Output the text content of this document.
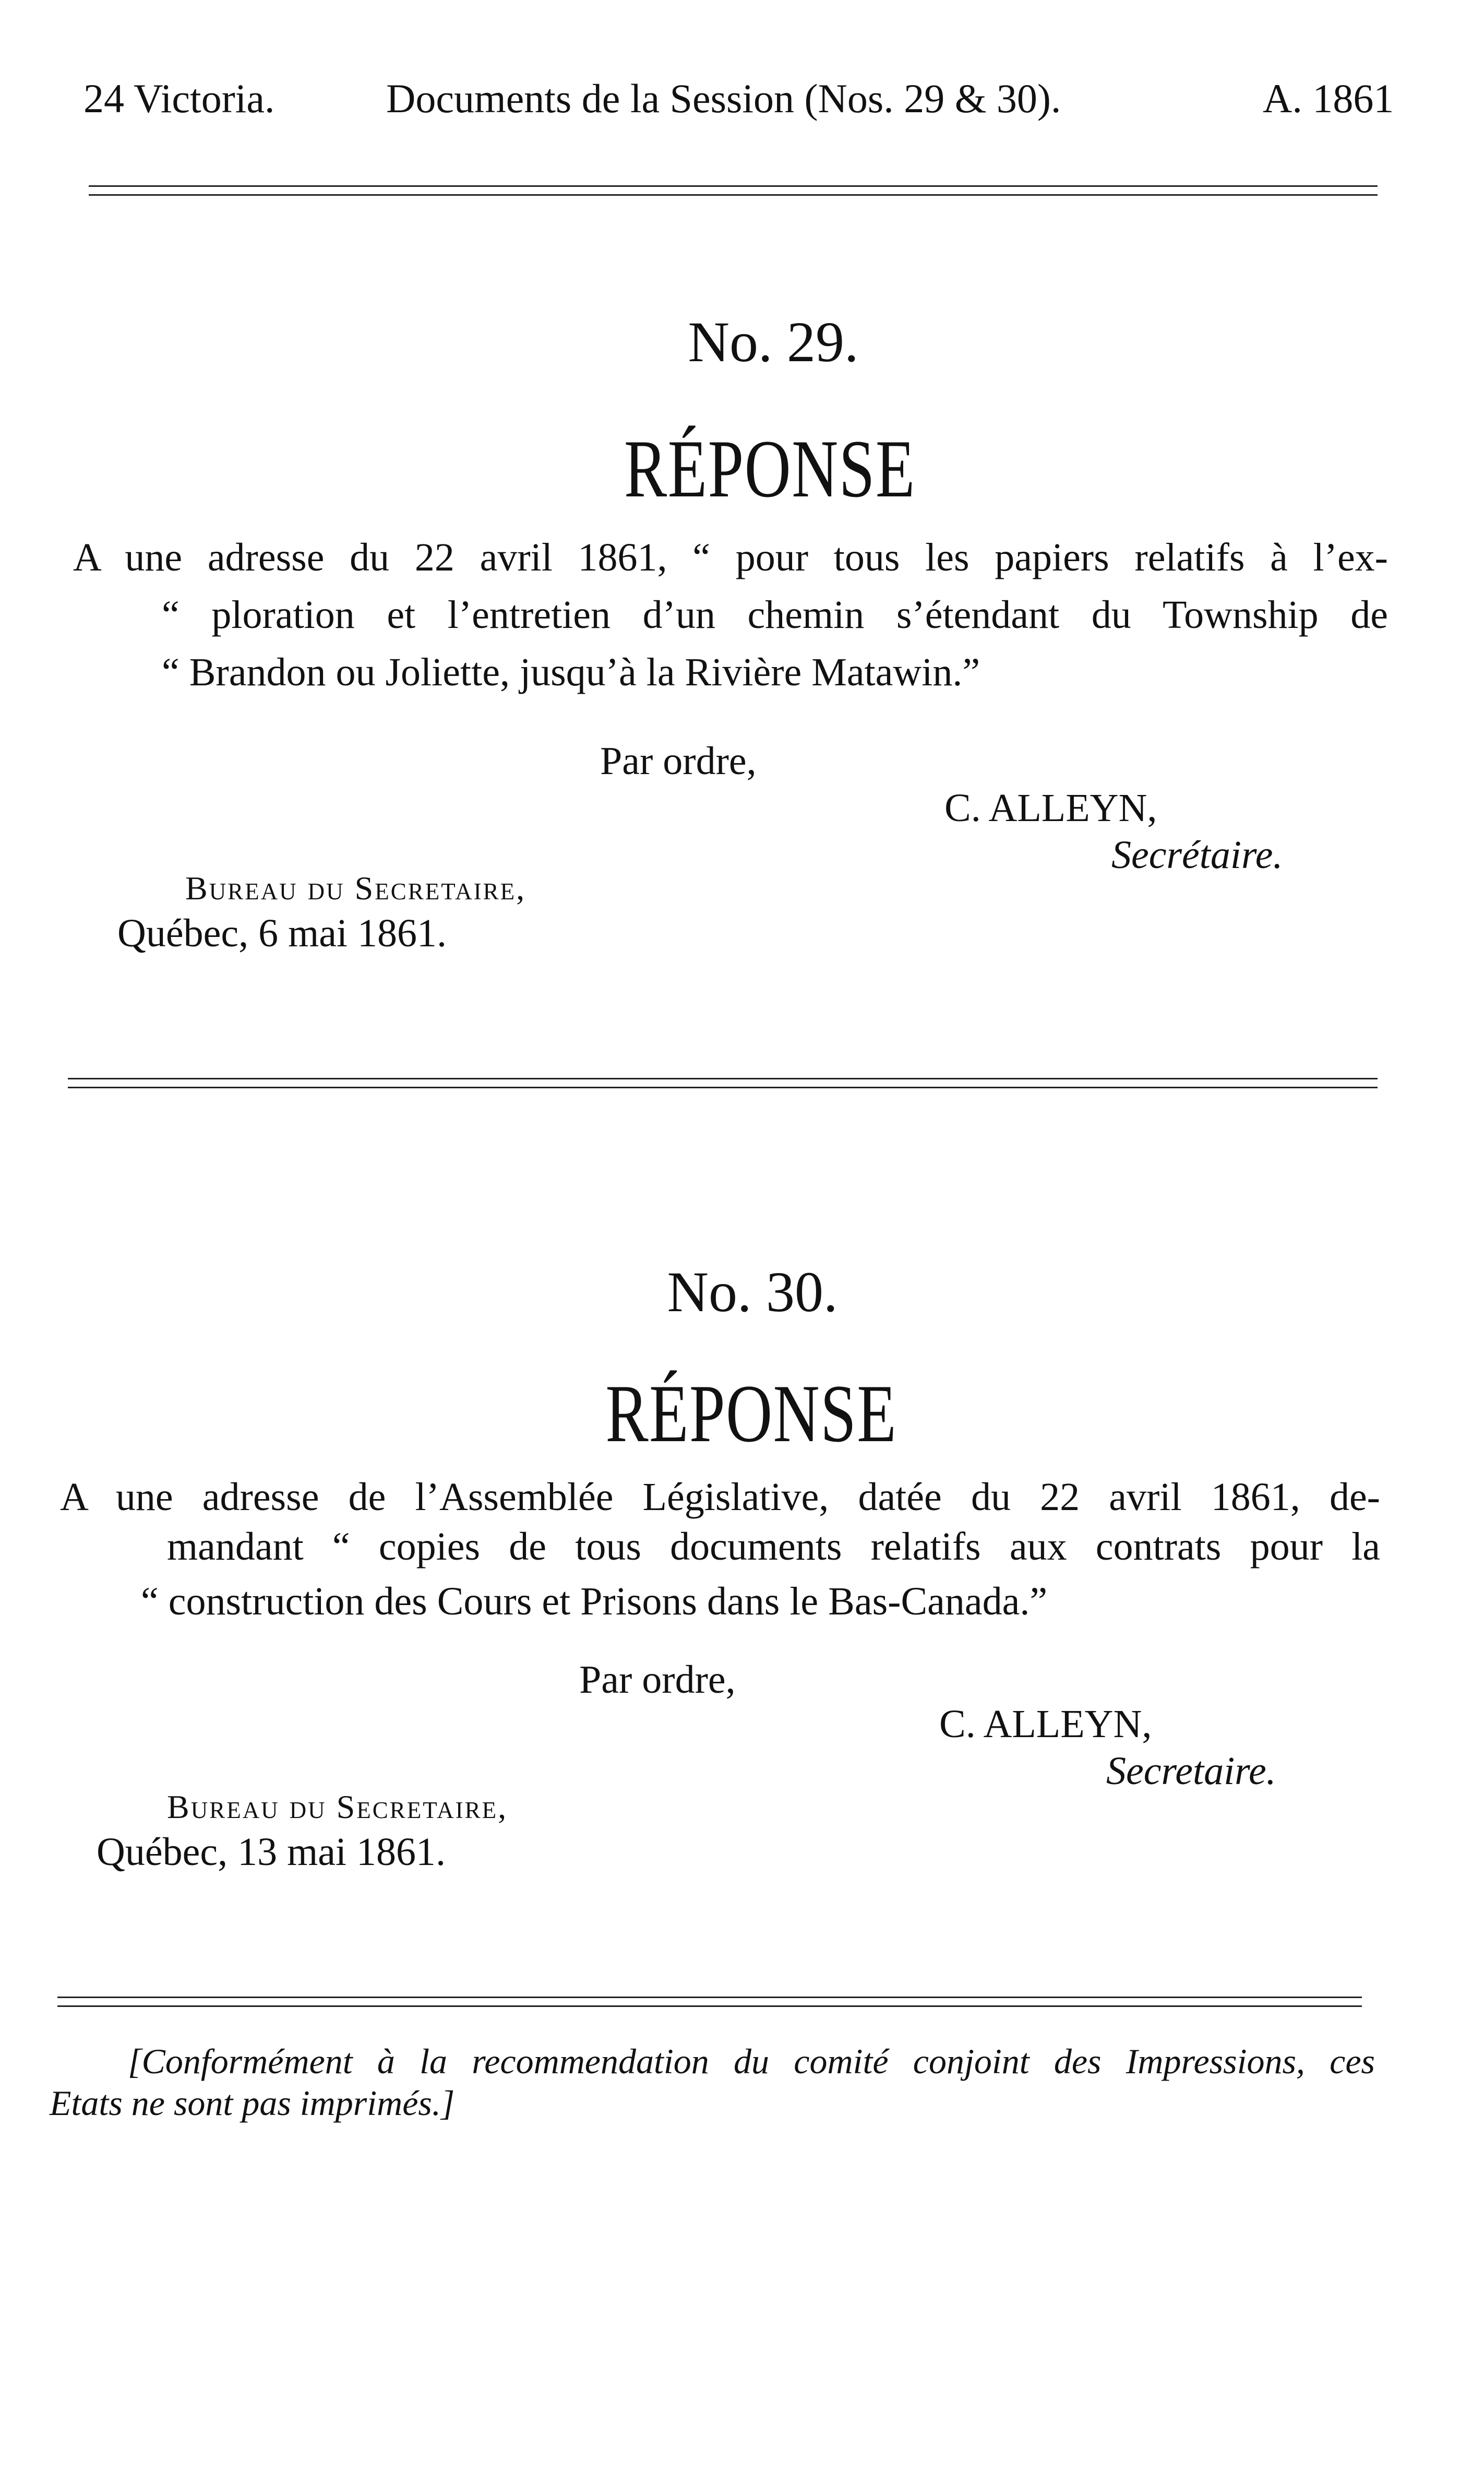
24 Victoria.	Documents de la Session (Nos. 29 & 30).	A. 1861
No. 29.
RÉPONSE
A une adresse du 22 avril 1861, “ pour tous les papiers relatifs à l’ex-
“ ploration et l’entretien d’un chemin s’étendant du Township de
“ Brandon ou Joliette, jusqu’à la Rivière Matawin.”
Par ordre,
C. ALLEYN,
Secrétaire.
Bureau du Secretaire,
Québec, 6 mai 1861.
No. 30.
RÉPONSE
A une adresse de l’Assemblée Législative, datée du 22 avril 1861, de-
mandant “ copies de tous documents relatifs aux contrats pour la
“ construction des Cours et Prisons dans le Bas-Canada.”
Par ordre,
C. ALLEYN,
Secretaire.
Bureau du Secretaire,
Québec, 13 mai 1861.
[Conformément à la recommendation du comité conjoint des Impressions, ces
Etats ne sont pas imprimés.]
